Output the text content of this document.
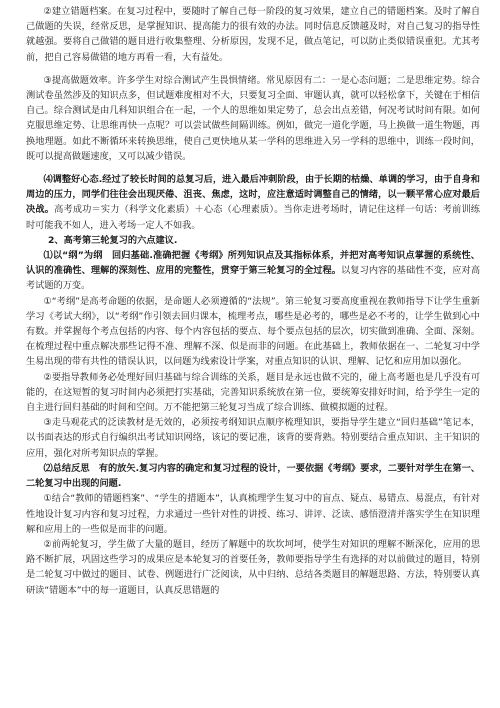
②建立错题档案。在复习过程中，要随时了解自己每一阶段的复习效果，建立自己的错题档案。及时了解自己做题的失误，经常反思，是掌握知识、提高能力的很有效的办法。同时信息反馈越及时，对自己复习的指导性就越强。要将自己做错的题目进行收集整理、分析原因，发现不足，做点笔记，可以防止类似错误重犯。尤其考前，把自己容易做错的地方再看一看，大有益处。

③提高做题效率。许多学生对综合测试产生畏惧情绪。常见原因有二：一是心态问题；二是思维定势。综合测试卷虽然涉及的知识点多，但试题难度相对不大，只要复习全面、审题认真，就可以轻松拿下，关键在于相信自己。综合测试是由几科知识组合在一起，一个人的思维如果定势了，总会出点差错，何况考试时间有限。如何克服思维定势、让思维再快一点呢？可以尝试做些间隔训练。例如，做完一道化学题，马上换做一道生物题，再换地理题。如此不断循环来转换思维，使自己更快地从某一学科的思维进入另一学科的思维中，训练一段时间，既可以提高做题速度，又可以减少错误。

⑷调整好心态.经过了较长时间的总复习后，进入最后冲刺阶段，由于长期的枯燥、单调的学习，由于自身和周边的压力，同学们往往会出现厌倦、沮丧、焦虑，这时，应注意适时调整自己的情绪，以一颗平常心应对最后决战。高考成功＝实力（科学文化素质）＋心态（心理素质）。当你走进考场时，请记住这样一句话：考前训练时可能我不如人，进入考场一定人不如我。

2、高考第三轮复习的六点建议.

⑴以“纲”为纲　回归基础.准确把握《考纲》所列知识点及其指标体系，并把对高考知识点掌握的系统性、认识的准确性、理解的深刻性、应用的完整性，贯穿于第三轮复习的全过程。以复习内容的基础性不变，应对高考试题的万变。

①“考纲”是高考命题的依据，是命题人必须遵循的“法规”。第三轮复习要高度重视在教师指导下让学生重新学习《考试大纲》，以“考纲”作引领去回归课本，梳理考点，哪些是必考的，哪些是必不考的，让学生做到心中有数。并掌握每个考点包括的内容、每个内容包括的要点、每个要点包括的层次，切实做到准确、全面、深刻。在梳理过程中重点解决那些记得不准、理解不深、似是而非的问题。在此基础上，教师依据在一、二轮复习中学生易出现的带有共性的错误认识，以问题为线索设计学案，对重点知识的认识、理解、记忆和应用加以强化。

②要指导教师务必处理好回归基础与综合训练的关系，题目是永远也做不完的，碰上高考题也是几乎没有可能的，在这短暂的复习时间内必须把打实基础，完善知识系统放在第一位，要统筹安排好时间，给予学生一定的自主进行回归基础的时间和空间。万不能把第三轮复习当成了综合训练、做模拟题的过程。

③走马观花式的泛读教材是无效的，必须按考纲知识点顺序梳理知识，要指导学生建立“回归基础”笔记本，以书面表达的形式自行编织出考试知识网络，该记的要记准，该背的要背熟。特别要结合重点知识、主干知识的应用，强化对所考知识点的掌握。

⑵总结反思　有的放矢.复习内容的确定和复习过程的设计，一要依据《考纲》要求，二要针对学生在第一、二轮复习中出现的问题.

①结合“教师的错题档案”、“学生的措题本”，认真梳理学生复习中的盲点、疑点、易错点、易混点，有针对性地设计复习内容和复习过程，力求通过一些针对性的讲授、练习、讲评、泛读、感悟澄清并落实学生在知识理解和应用上的一些似是而非的问题。

②前两轮复习，学生做了大量的题目，经历了解题中的坎坎坷坷，使学生对知识的理解不断深化，应用的思路不断扩展，巩固这些学习的成果应是本轮复习的首要任务，教师要指导学生有选择的对以前做过的题目，特别是二轮复习中做过的题目、试卷、例题进行广泛阅读，从中归纳、总结各类题目的解题思路、方法，特别要认真研读“错题本”中的每一道题目，认真反思错题的
